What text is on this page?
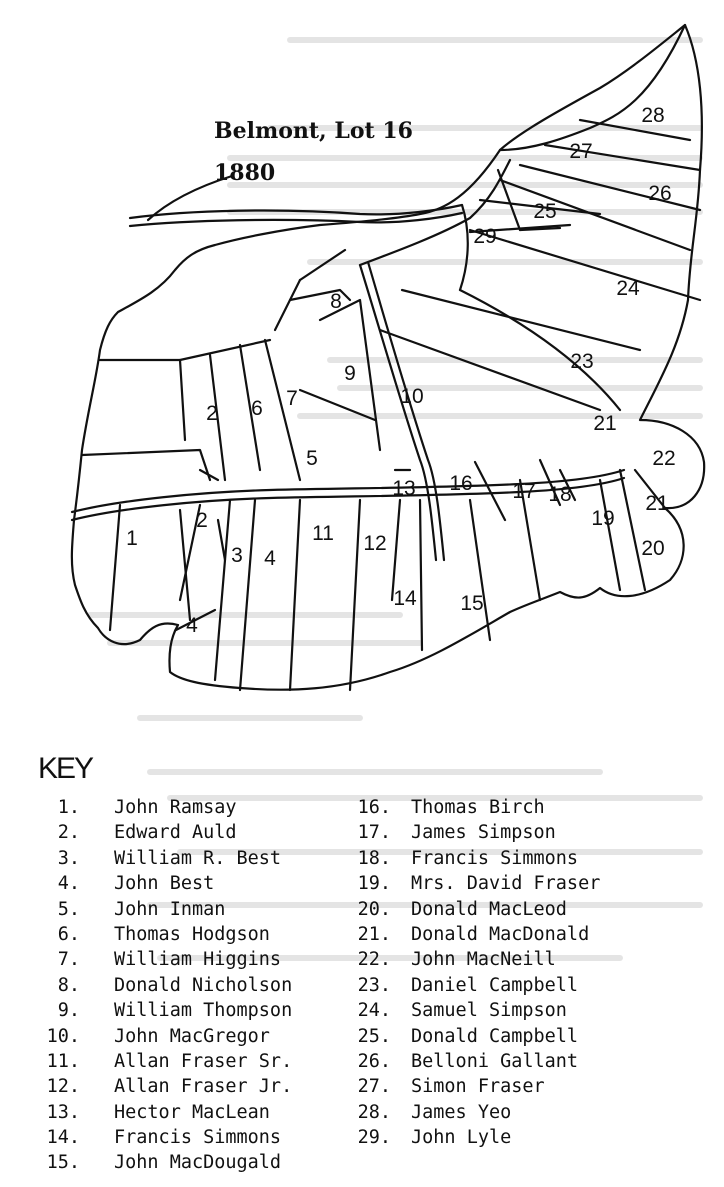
1
2
2
3 4
4
5
6 7
8
9
10
11 12
13
14 15
16 17 18
19
20
21
21
22
23
24
25
26
27
28
29
Belmont, Lot 16
1880
KEY
1. John Ramsay
2. Edward Auld
3. William R. Best
4. John Best
5. John Inman
6. Thomas Hodgson
7. William Higgins
8. Donald Nicholson
9. William Thompson
10. John MacGregor
11. Allan Fraser Sr.
12. Allan Fraser Jr.
13. Hector MacLean
14. Francis Simmons
15. John MacDougald
16. Thomas Birch
17. James Simpson
18. Francis Simmons
19. Mrs. David Fraser
20. Donald MacLeod
21. Donald MacDonald
22. John MacNeill
23. Daniel Campbell
24. Samuel Simpson
25. Donald Campbell
26. Belloni Gallant
27. Simon Fraser
28. James Yeo
29. John Lyle
